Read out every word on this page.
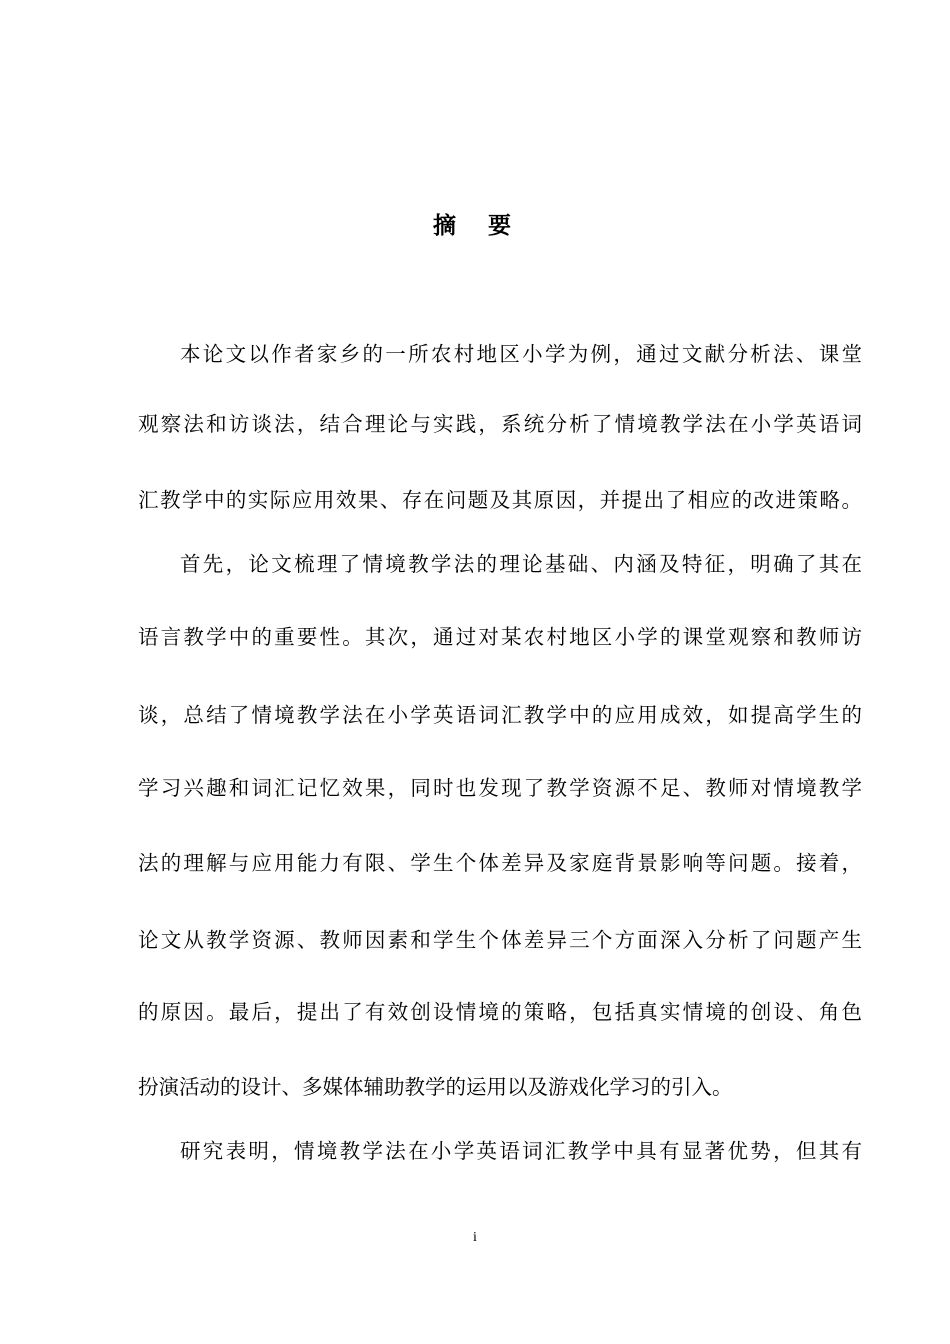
摘 要
本论文以作者家乡的一所农村地区小学为例，通过文献分析法、课堂
观察法和访谈法，结合理论与实践，系统分析了情境教学法在小学英语词
汇教学中的实际应用效果、存在问题及其原因，并提出了相应的改进策略。
首先，论文梳理了情境教学法的理论基础、内涵及特征，明确了其在
语言教学中的重要性。其次，通过对某农村地区小学的课堂观察和教师访
谈，总结了情境教学法在小学英语词汇教学中的应用成效，如提高学生的
学习兴趣和词汇记忆效果，同时也发现了教学资源不足、教师对情境教学
法的理解与应用能力有限、学生个体差异及家庭背景影响等问题。接着，
论文从教学资源、教师因素和学生个体差异三个方面深入分析了问题产生
的原因。最后，提出了有效创设情境的策略，包括真实情境的创设、角色
扮演活动的设计、多媒体辅助教学的运用以及游戏化学习的引入。
研究表明，情境教学法在小学英语词汇教学中具有显著优势，但其有
i
